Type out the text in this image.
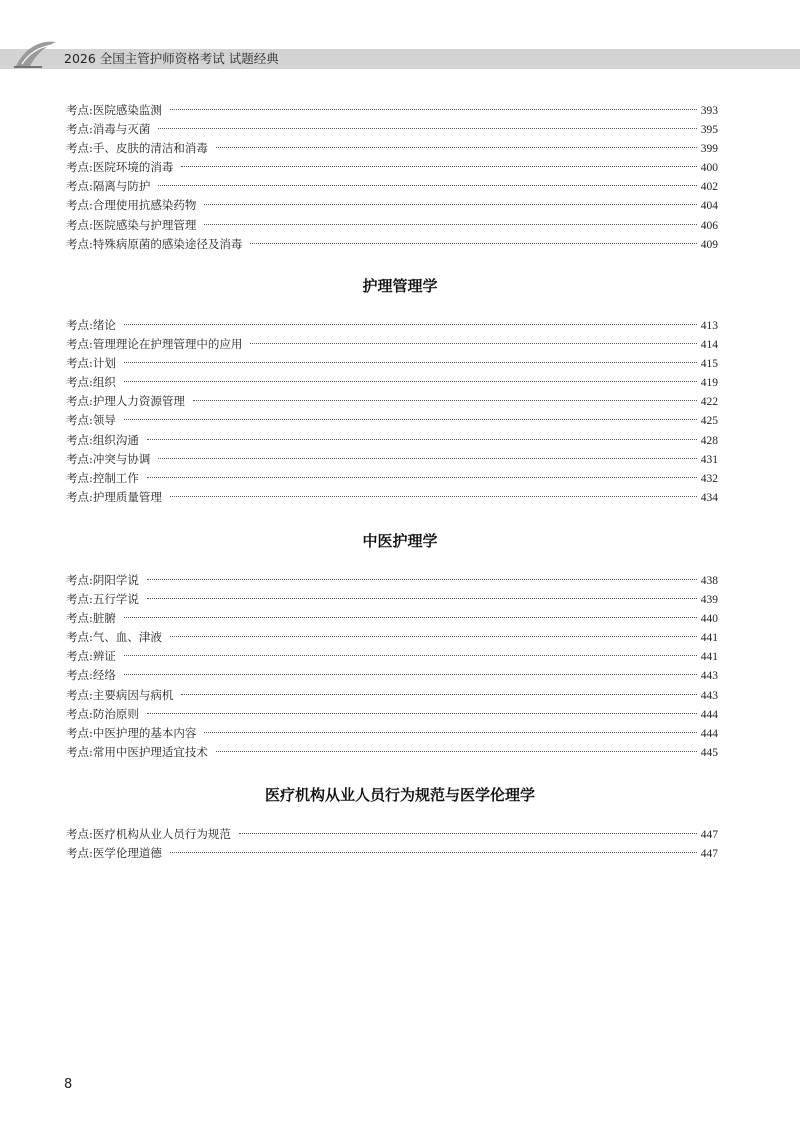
2026 全国主管护师资格考试 试题经典
考点:医院感染监测	393
考点:消毒与灭菌	395
考点:手、皮肤的清洁和消毒	399
考点:医院环境的消毒	400
考点:隔离与防护	402
考点:合理使用抗感染药物	404
考点:医院感染与护理管理	406
考点:特殊病原菌的感染途径及消毒	409
护理管理学
考点:绪论	413
考点:管理理论在护理管理中的应用	414
考点:计划	415
考点:组织	419
考点:护理人力资源管理	422
考点:领导	425
考点:组织沟通	428
考点:冲突与协调	431
考点:控制工作	432
考点:护理质量管理	434
中医护理学
考点:阴阳学说	438
考点:五行学说	439
考点:脏腑	440
考点:气、血、津液	441
考点:辨证	441
考点:经络	443
考点:主要病因与病机	443
考点:防治原则	444
考点:中医护理的基本内容	444
考点:常用中医护理适宜技术	445
医疗机构从业人员行为规范与医学伦理学
考点:医疗机构从业人员行为规范	447
考点:医学伦理道德	447
8
